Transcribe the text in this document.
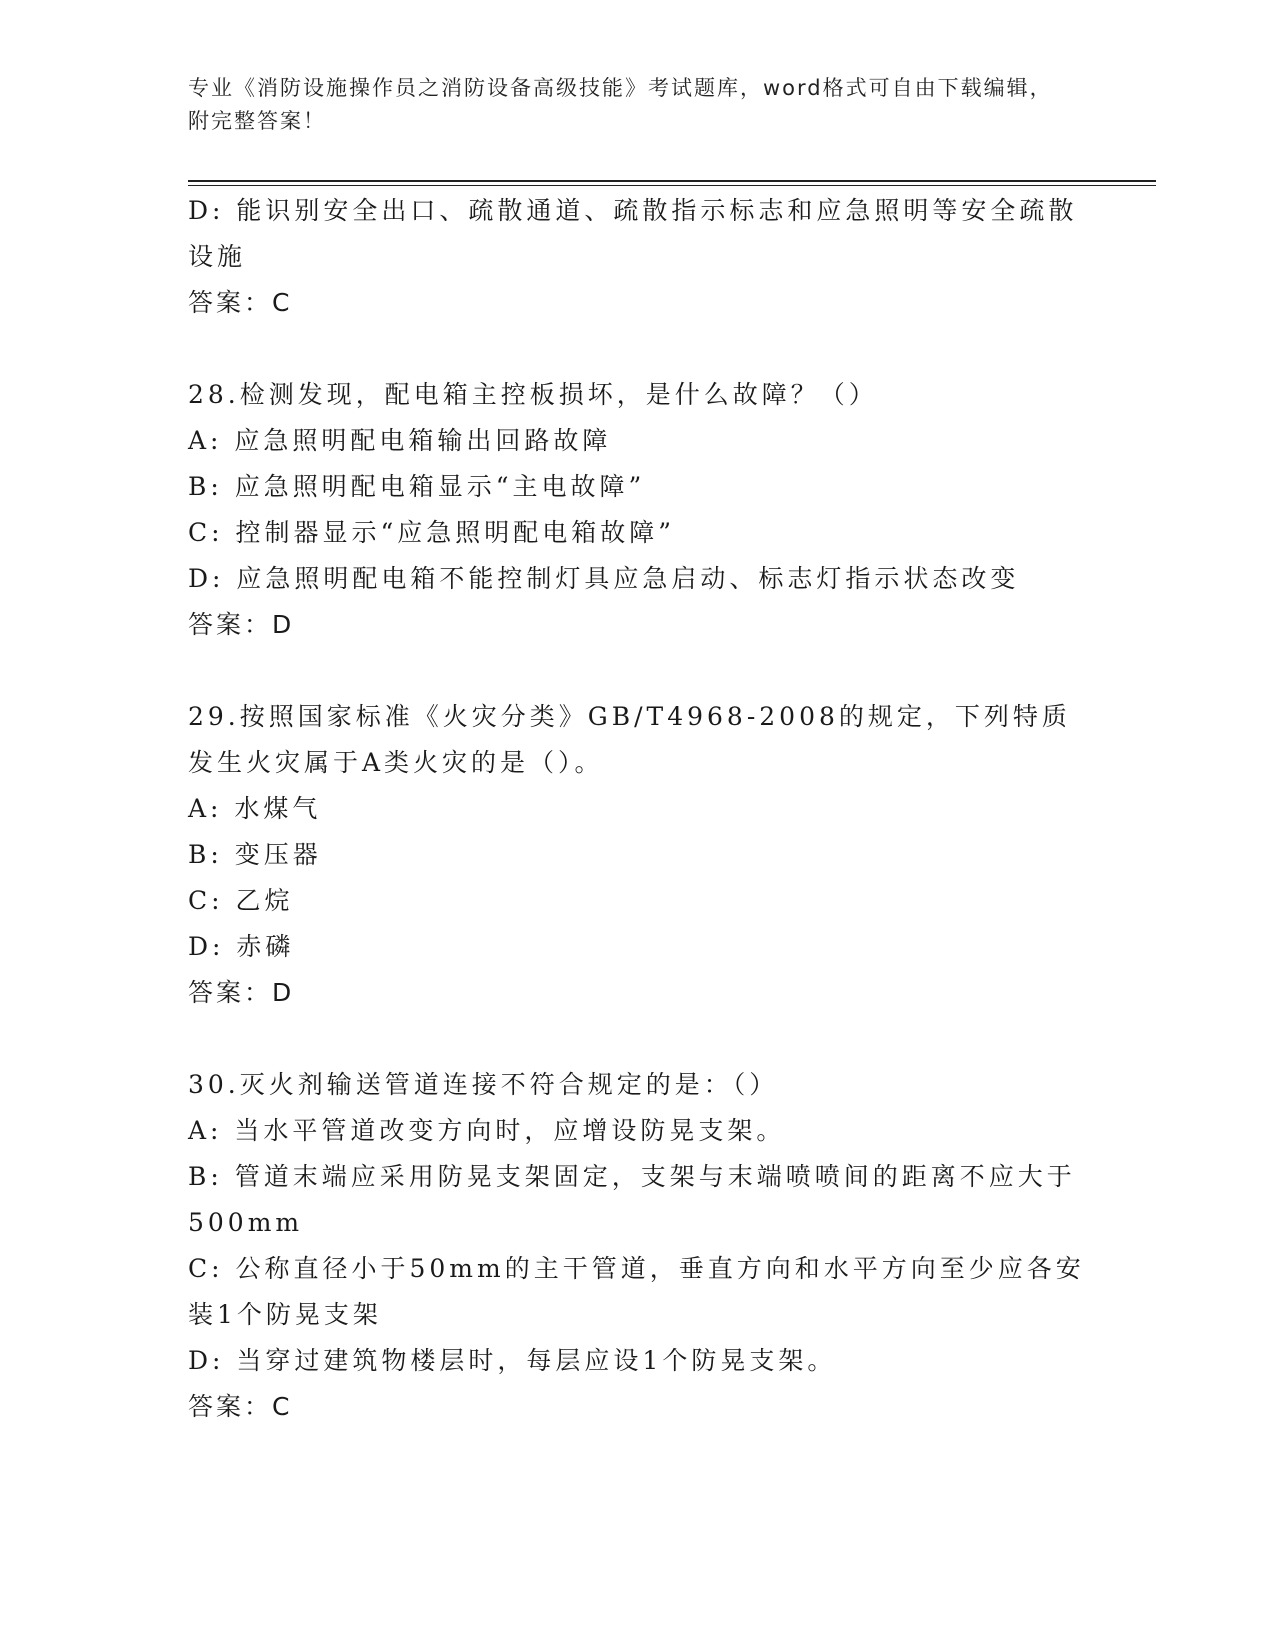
专业《消防设施操作员之消防设备高级技能》考试题库，word格式可自由下载编辑，附完整答案！
D: 能识别安全出口、疏散通道、疏散指示标志和应急照明等安全疏散设施
答案：C
28.检测发现，配电箱主控板损坏，是什么故障？（）
A: 应急照明配电箱输出回路故障
B: 应急照明配电箱显示“主电故障”
C: 控制器显示“应急照明配电箱故障”
D: 应急照明配电箱不能控制灯具应急启动、标志灯指示状态改变
答案：D
29.按照国家标准《火灾分类》GB/T4968-2008的规定，下列特质发生火灾属于A类火灾的是（）。
A: 水煤气
B: 变压器
C: 乙烷
D: 赤磷
答案：D
30.灭火剂输送管道连接不符合规定的是：（）
A: 当水平管道改变方向时，应增设防晃支架。
B: 管道末端应采用防晃支架固定，支架与末端喷喷间的距离不应大于500mm
C: 公称直径小于50mm的主干管道，垂直方向和水平方向至少应各安装1个防晃支架
D: 当穿过建筑物楼层时，每层应设1个防晃支架。
答案：C
